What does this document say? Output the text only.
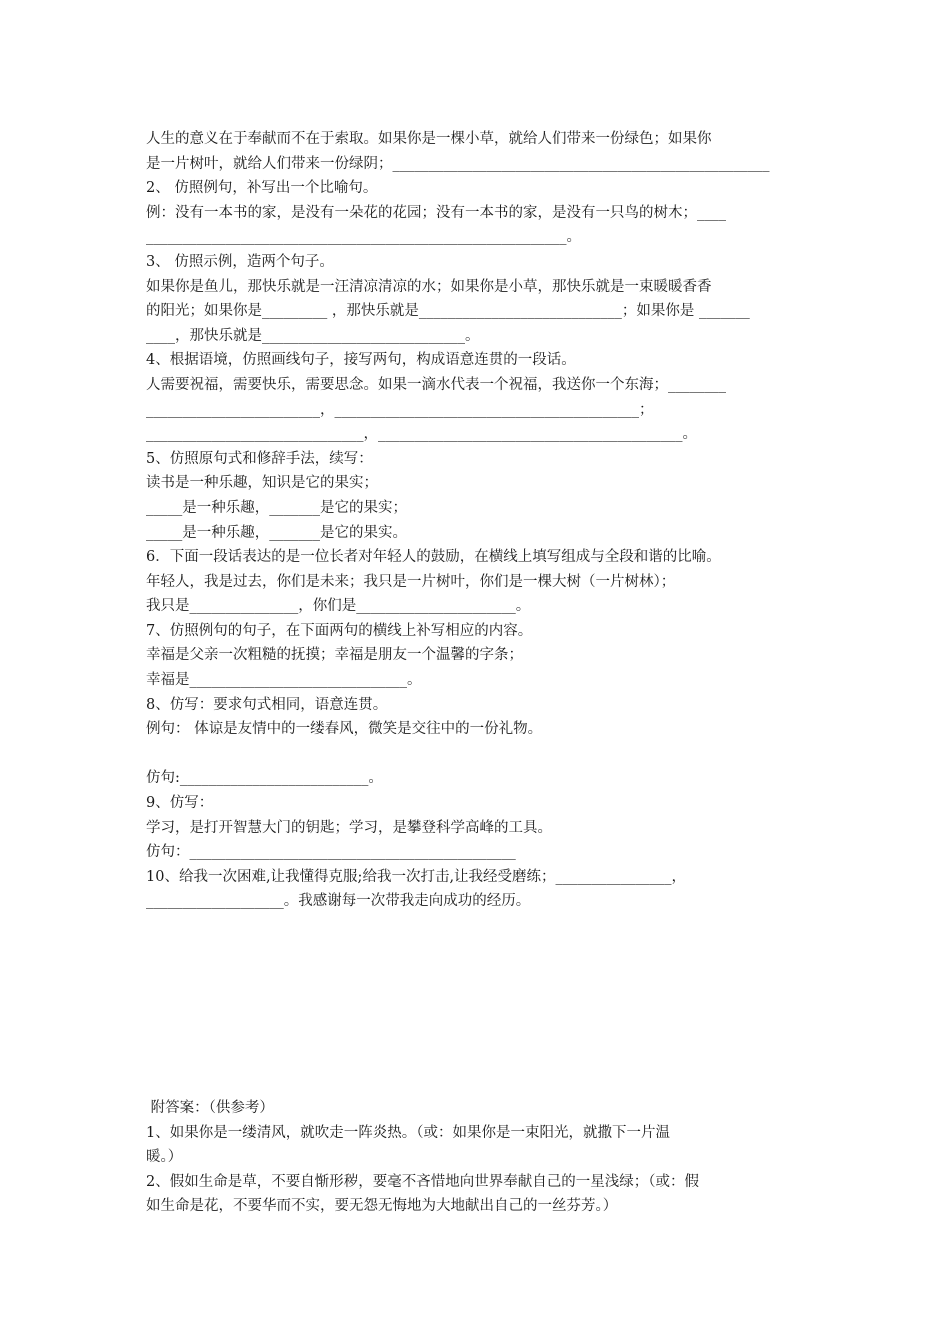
人生的意义在于奉献而不在于索取。如果你是一棵小草，就给人们带来一份绿色；如果你
是一片树叶，就给人们带来一份绿阴；____________________________________________________
2、 仿照例句，补写出一个比喻句。
例：没有一本书的家，是没有一朵花的花园；没有一本书的家，是没有一只鸟的树木；____
__________________________________________________________。
3、 仿照示例，造两个句子。
如果你是鱼儿，那快乐就是一汪清凉清凉的水；如果你是小草，那快乐就是一束暖暖香香
的阳光；如果你是_________ ，那快乐就是____________________________；如果你是 _______
____，那快乐就是____________________________。
4、根据语境，仿照画线句子，接写两句，构成语意连贯的一段话。
人需要祝福，需要快乐，需要思念。如果一滴水代表一个祝福，我送你一个东海；________
________________________，__________________________________________；
______________________________，__________________________________________。
5、仿照原句式和修辞手法，续写：
读书是一种乐趣，知识是它的果实；
_____是一种乐趣，_______是它的果实；
_____是一种乐趣，_______是它的果实。
6．下面一段话表达的是一位长者对年轻人的鼓励，在横线上填写组成与全段和谐的比喻。
年轻人，我是过去，你们是未来；我只是一片树叶，你们是一棵大树（一片树林）；
我只是_______________，你们是______________________。
7、仿照例句的句子，在下面两句的横线上补写相应的内容。
幸福是父亲一次粗糙的抚摸；幸福是朋友一个温馨的字条；
幸福是______________________________。
8、仿写：要求句式相同，语意连贯。
例句： 体谅是友情中的一缕春风，微笑是交往中的一份礼物。
仿句:__________________________。
9、仿写：
学习，是打开智慧大门的钥匙；学习，是攀登科学高峰的工具。
仿句：_____________________________________________
10、给我一次困难,让我懂得克服;给我一次打击,让我经受磨练；________________，
___________________。我感谢每一次带我走向成功的经历。
附答案：（供参考）
1、如果你是一缕清风，就吹走一阵炎热。（或：如果你是一束阳光，就撒下一片温
暖。）
2、假如生命是草，不要自惭形秽，要毫不吝惜地向世界奉献自己的一星浅绿；（或：假
如生命是花，不要华而不实，要无怨无悔地为大地献出自己的一丝芬芳。）
